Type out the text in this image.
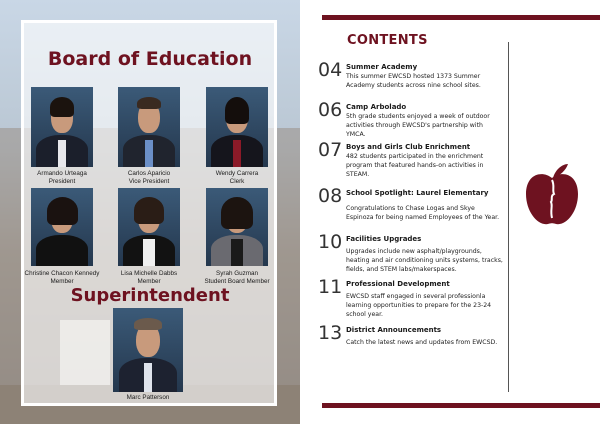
Board of Education
Armando Urteaga
President
Carlos Aparicio
Vice President
Wendy Carrera
Clerk
Christine Chacon Kennedy
Member
Lisa Michelle Dabbs
Member
Syrah Guzman
Student Board Member
Superintendent
Marc Patterson
CONTENTS
04 Summer Academy
This summer EWCSD hosted 1373 Summer Academy students across nine school sites.
06 Camp Arbolado
5th grade students enjoyed a week of outdoor activities through EWCSD's partnership with YMCA.
07 Boys and Girls Club Enrichment
482 students participated in the enrichment program that featured hands-on activities in STEAM.
08 School Spotlight: Laurel Elementary
Congratulations to Chase Logas and Skye Espinoza for being named Employees of the Year.
10 Facilities Upgrades
Upgrades include new asphalt/playgrounds, heating and air conditioning units systems, tracks, fields, and STEM labs/makerspaces.
11 Professional Development
EWCSD staff engaged in several professionla learning opportunities to prepare for the 23-24 school year.
13 District Announcements
Catch the latest news and updates from EWCSD.
